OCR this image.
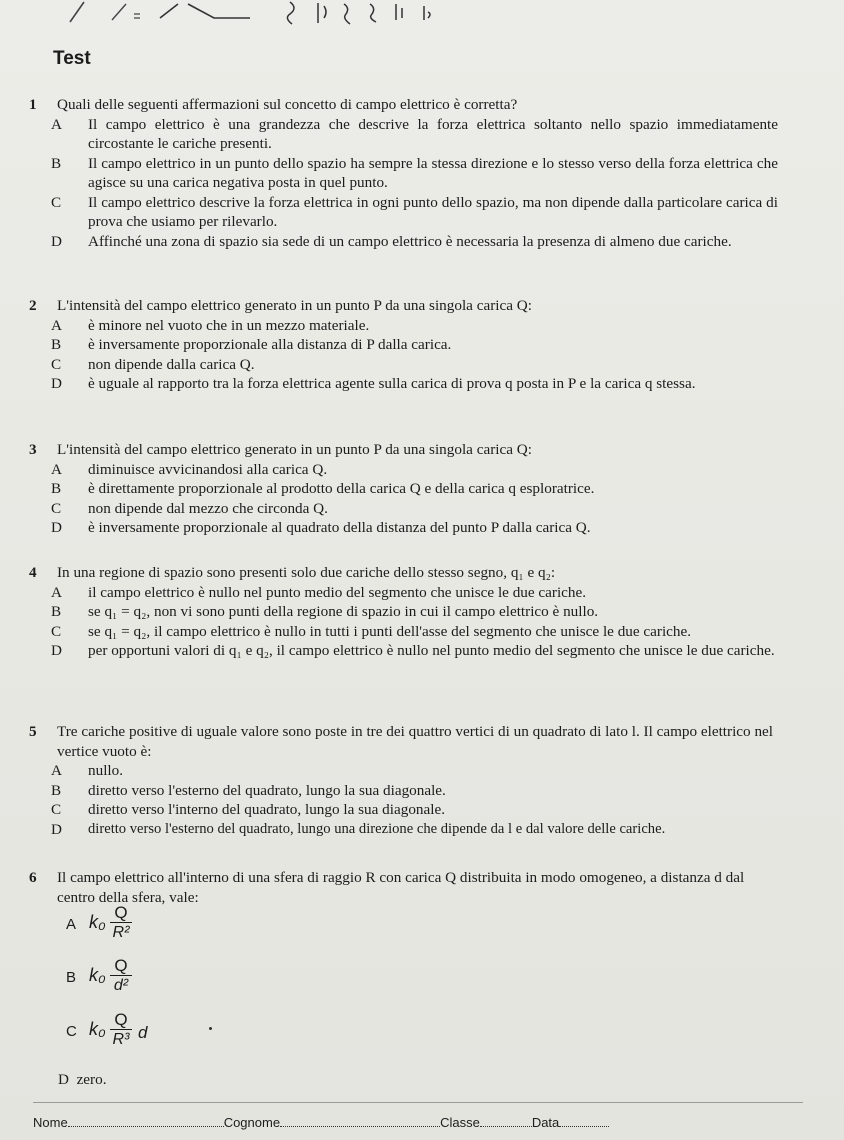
Test
1	Quali delle seguenti affermazioni sul concetto di campo elettrico è corretta?
A	Il campo elettrico è una grandezza che descrive la forza elettrica soltanto nello spazio immediatamente circostante le cariche presenti.
B	Il campo elettrico in un punto dello spazio ha sempre la stessa direzione e lo stesso verso della forza elettrica che agisce su una carica negativa posta in quel punto.
C	Il campo elettrico descrive la forza elettrica in ogni punto dello spazio, ma non dipende dalla particolare carica di prova che usiamo per rilevarlo.
D	Affinché una zona di spazio sia sede di un campo elettrico è necessaria la presenza di almeno due cariche.
2	L'intensità del campo elettrico generato in un punto P da una singola carica Q:
A	è minore nel vuoto che in un mezzo materiale.
B	è inversamente proporzionale alla distanza di P dalla carica.
C	non dipende dalla carica Q.
D	è uguale al rapporto tra la forza elettrica agente sulla carica di prova q posta in P e la carica q stessa.
3	L'intensità del campo elettrico generato in un punto P da una singola carica Q:
A	diminuisce avvicinandosi alla carica Q.
B	è direttamente proporzionale al prodotto della carica Q e della carica q esploratrice.
C	non dipende dal mezzo che circonda Q.
D	è inversamente proporzionale al quadrato della distanza del punto P dalla carica Q.
4	In una regione di spazio sono presenti solo due cariche dello stesso segno, q₁ e q₂:
A	il campo elettrico è nullo nel punto medio del segmento che unisce le due cariche.
B	se q₁ = q₂, non vi sono punti della regione di spazio in cui il campo elettrico è nullo.
C	se q₁ = q₂, il campo elettrico è nullo in tutti i punti dell'asse del segmento che unisce le due cariche.
D	per opportuni valori di q₁ e q₂, il campo elettrico è nullo nel punto medio del segmento che unisce le due cariche.
5	Tre cariche positive di uguale valore sono poste in tre dei quattro vertici di un quadrato di lato l. Il campo elettrico nel vertice vuoto è:
A	nullo.
B	diretto verso l'esterno del quadrato, lungo la sua diagonale.
C	diretto verso l'interno del quadrato, lungo la sua diagonale.
D	diretto verso l'esterno del quadrato, lungo una direzione che dipende da l e dal valore delle cariche.
6	Il campo elettrico all'interno di una sfera di raggio R con carica Q distribuita in modo omogeneo, a distanza d dal centro della sfera, vale:
A $k_0 \frac{Q}{\text{R²}}$
B $k_0 \frac{Q}{\text{d²}}$
C $k_0 \frac{Q}{\text{R³}}$ d
D zero.
Nome	Cognome	Classe	Data
